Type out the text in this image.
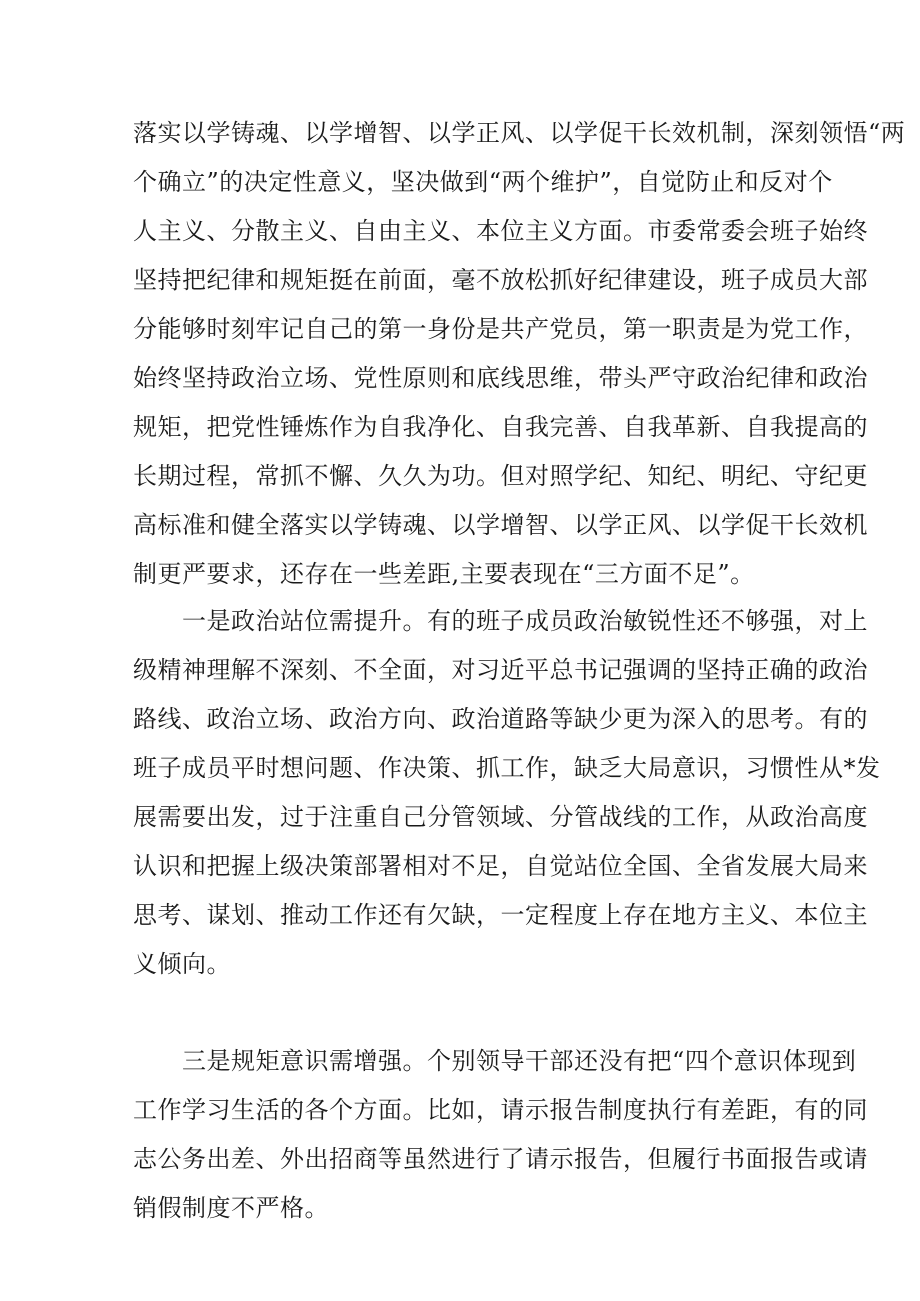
落实以学铸魂、以学增智、以学正风、以学促干长效机制，深刻领悟“两
个确立”的决定性意义，坚决做到“两个维护”，自觉防止和反对个
人主义、分散主义、自由主义、本位主义方面。市委常委会班子始终
坚持把纪律和规矩挺在前面，毫不放松抓好纪律建设，班子成员大部
分能够时刻牢记自己的第一身份是共产党员，第一职责是为党工作，
始终坚持政治立场、党性原则和底线思维，带头严守政治纪律和政治
规矩，把党性锤炼作为自我净化、自我完善、自我革新、自我提高的
长期过程，常抓不懈、久久为功。但对照学纪、知纪、明纪、守纪更
高标准和健全落实以学铸魂、以学增智、以学正风、以学促干长效机
制更严要求，还存在一些差距,主要表现在“三方面不足”。
　　一是政治站位需提升。有的班子成员政治敏锐性还不够强，对上
级精神理解不深刻、不全面，对习近平总书记强调的坚持正确的政治
路线、政治立场、政治方向、政治道路等缺少更为深入的思考。有的
班子成员平时想问题、作决策、抓工作，缺乏大局意识，习惯性从*发
展需要出发，过于注重自己分管领域、分管战线的工作，从政治高度
认识和把握上级决策部署相对不足，自觉站位全国、全省发展大局来
思考、谋划、推动工作还有欠缺，一定程度上存在地方主义、本位主
义倾向。
　　三是规矩意识需增强。个别领导干部还没有把“四个意识体现到
工作学习生活的各个方面。比如，请示报告制度执行有差距，有的同
志公务出差、外出招商等虽然进行了请示报告，但履行书面报告或请
销假制度不严格。
